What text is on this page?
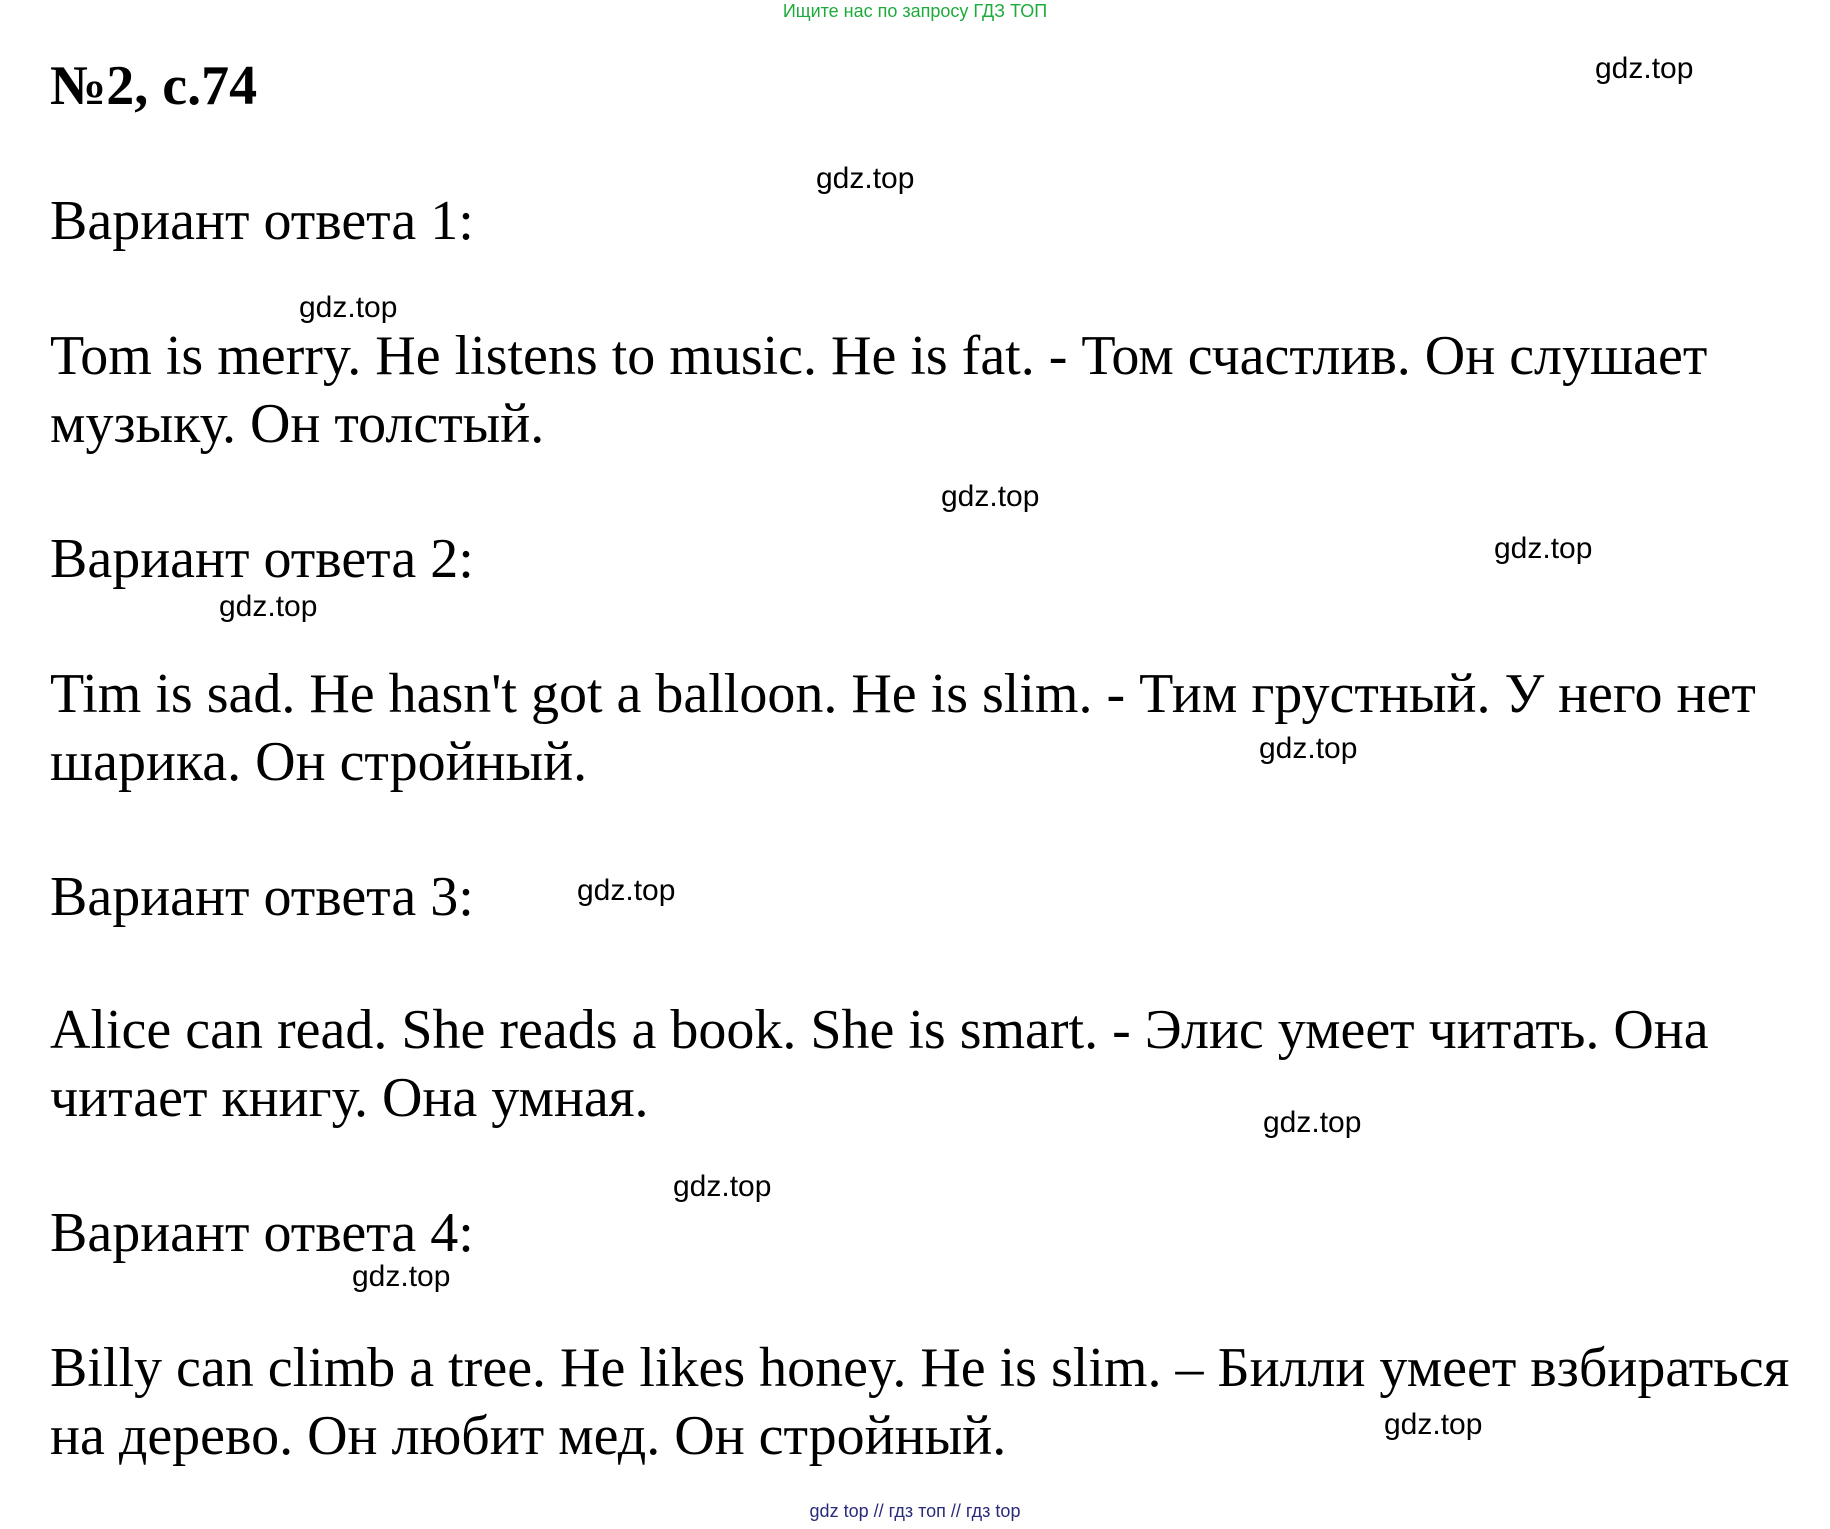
Ищите нас по запросу ГДЗ ТОП
№2, с.74
Вариант ответа 1:

Tom is merry. He listens to music. He is fat. - Том счастлив. Он слушает музыку. Он толстый.

Вариант ответа 2:

Tim is sad. He hasn't got a balloon. He is slim. - Тим грустный. У него нет шарика. Он стройный.

Вариант ответа 3:

Alice can read. She reads a book. She is smart. - Элис умеет читать. Она читает книгу. Она умная.

Вариант ответа 4:

Billy can climb a tree. He likes honey. He is slim. – Билли умеет взбираться на дерево. Он любит мед. Он стройный.

gdz.top
gdz.top
gdz.top
gdz.top
gdz.top
gdz.top
gdz.top
gdz.top
gdz.top
gdz.top
gdz.top
gdz.top
gdz top // гдз топ // гдз top
